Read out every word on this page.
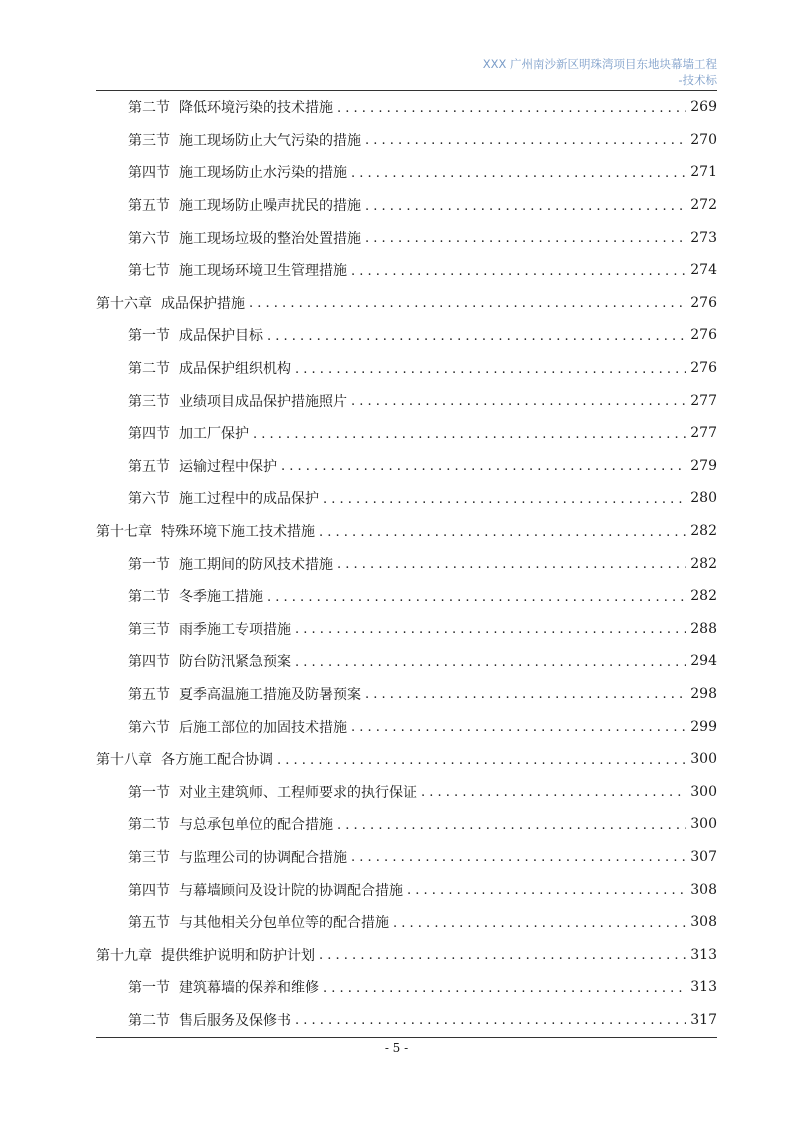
XXX 广州南沙新区明珠湾项目东地块幕墙工程
-技术标
第二节 降低环境污染的技术措施 . . .	269
第三节 施工现场防止大气污染的措施 . . .	270
第四节 施工现场防止水污染的措施 . . .	271
第五节 施工现场防止噪声扰民的措施 . . .	272
第六节 施工现场垃圾的整治处置措施 . . .	273
第七节 施工现场环境卫生管理措施 . . .	274
第十六章 成品保护措施 . . .	276
第一节 成品保护目标 . . .	276
第二节 成品保护组织机构 . . .	276
第三节 业绩项目成品保护措施照片 . . .	277
第四节 加工厂保护 . . .	277
第五节 运输过程中保护 . . .	279
第六节 施工过程中的成品保护 . . .	280
第十七章 特殊环境下施工技术措施 . . .	282
第一节 施工期间的防风技术措施 . . .	282
第二节 冬季施工措施 . . .	282
第三节 雨季施工专项措施 . . .	288
第四节 防台防汛紧急预案 . . .	294
第五节 夏季高温施工措施及防暑预案 . . .	298
第六节 后施工部位的加固技术措施 . . .	299
第十八章 各方施工配合协调 . . .	300
第一节 对业主建筑师、工程师要求的执行保证 . . .	300
第二节 与总承包单位的配合措施 . . .	300
第三节 与监理公司的协调配合措施 . . .	307
第四节 与幕墙顾问及设计院的协调配合措施 . . .	308
第五节 与其他相关分包单位等的配合措施 . . .	308
第十九章 提供维护说明和防护计划 . . .	313
第一节 建筑幕墙的保养和维修 . . .	313
第二节 售后服务及保修书 . . .	317
- 5 -
